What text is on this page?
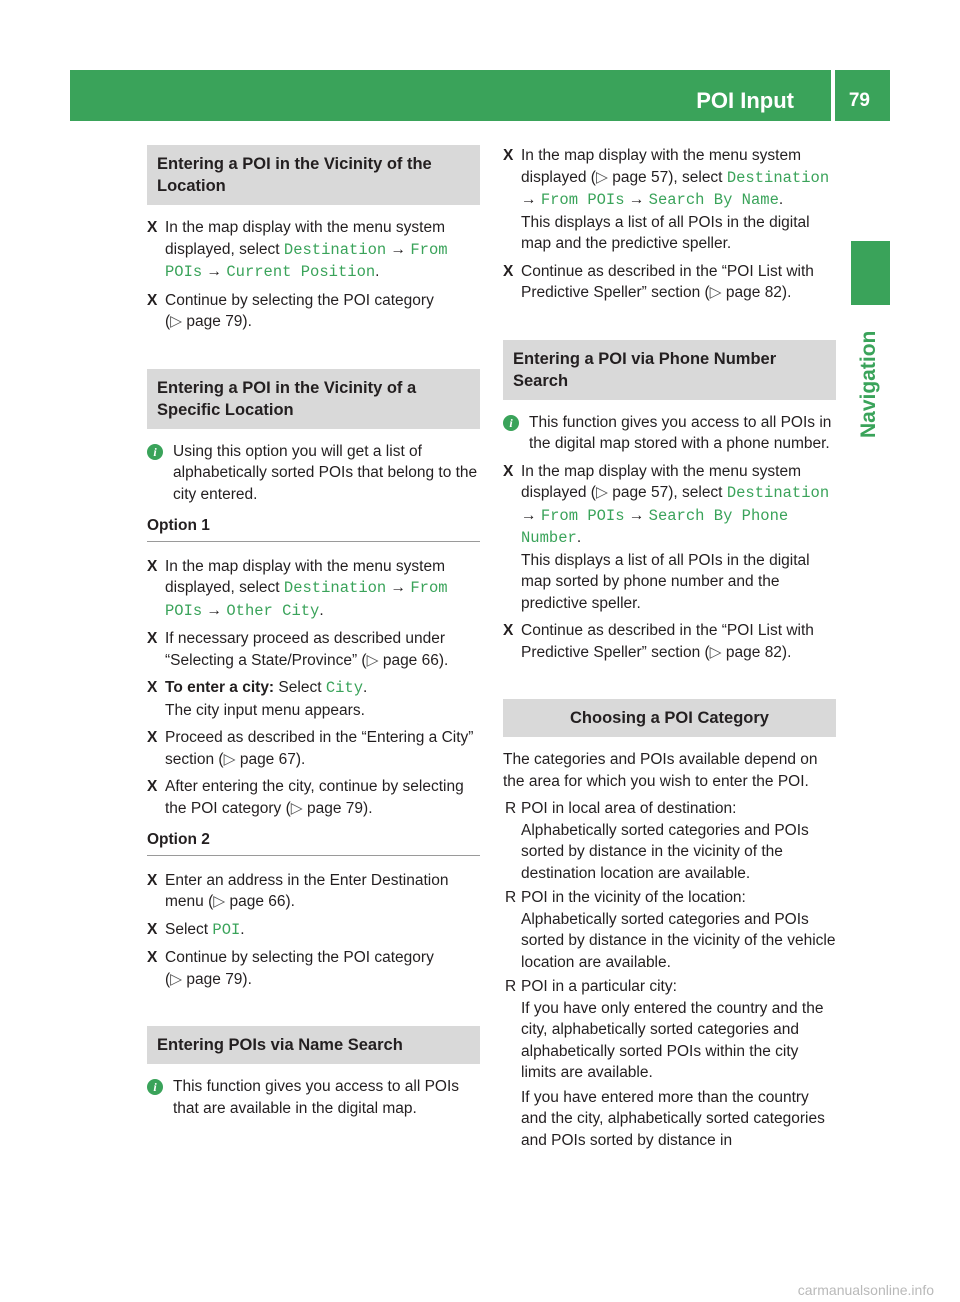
POI Input	79
Navigation
Entering a POI in the Vicinity of the Location
X In the map display with the menu system displayed, select Destination → From POIs → Current Position.
X Continue by selecting the POI category
(▷ page 79).
Entering a POI in the Vicinity of a Specific Location
i	Using this option you will get a list of alphabetically sorted POIs that belong to the city entered.
Option 1
X In the map display with the menu system displayed, select Destination → From POIs → Other City.
X If necessary proceed as described under “Selecting a State/Province” (▷ page 66).
X To enter a city: Select City.
The city input menu appears.
X Proceed as described in the “Entering a City” section (▷ page 67).
X After entering the city, continue by selecting the POI category (▷ page 79).
Option 2
X Enter an address in the Enter Destination menu (▷ page 66).
X Select POI.
X Continue by selecting the POI category
(▷ page 79).
Entering POIs via Name Search
i	This function gives you access to all POIs that are available in the digital map.
X In the map display with the menu system displayed (▷ page 57), select Destination → From POIs → Search By Name.
This displays a list of all POIs in the digital map and the predictive speller.
X Continue as described in the “POI List with Predictive Speller” section (▷ page 82).
Entering a POI via Phone Number Search
i	This function gives you access to all POIs in the digital map stored with a phone number.
X In the map display with the menu system displayed (▷ page 57), select Destination → From POIs → Search By Phone Number.
This displays a list of all POIs in the digital map sorted by phone number and the predictive speller.
X Continue as described in the “POI List with Predictive Speller” section (▷ page 82).
Choosing a POI Category
The categories and POIs available depend on the area for which you wish to enter the POI.
R POI in local area of destination:
Alphabetically sorted categories and POIs sorted by distance in the vicinity of the destination location are available.
R POI in the vicinity of the location:
Alphabetically sorted categories and POIs sorted by distance in the vicinity of the vehicle location are available.
R POI in a particular city:
If you have only entered the country and the city, alphabetically sorted categories and alphabetically sorted POIs within the city limits are available.
If you have entered more than the country and the city, alphabetically sorted categories and POIs sorted by distance in
carmanualsonline.info
